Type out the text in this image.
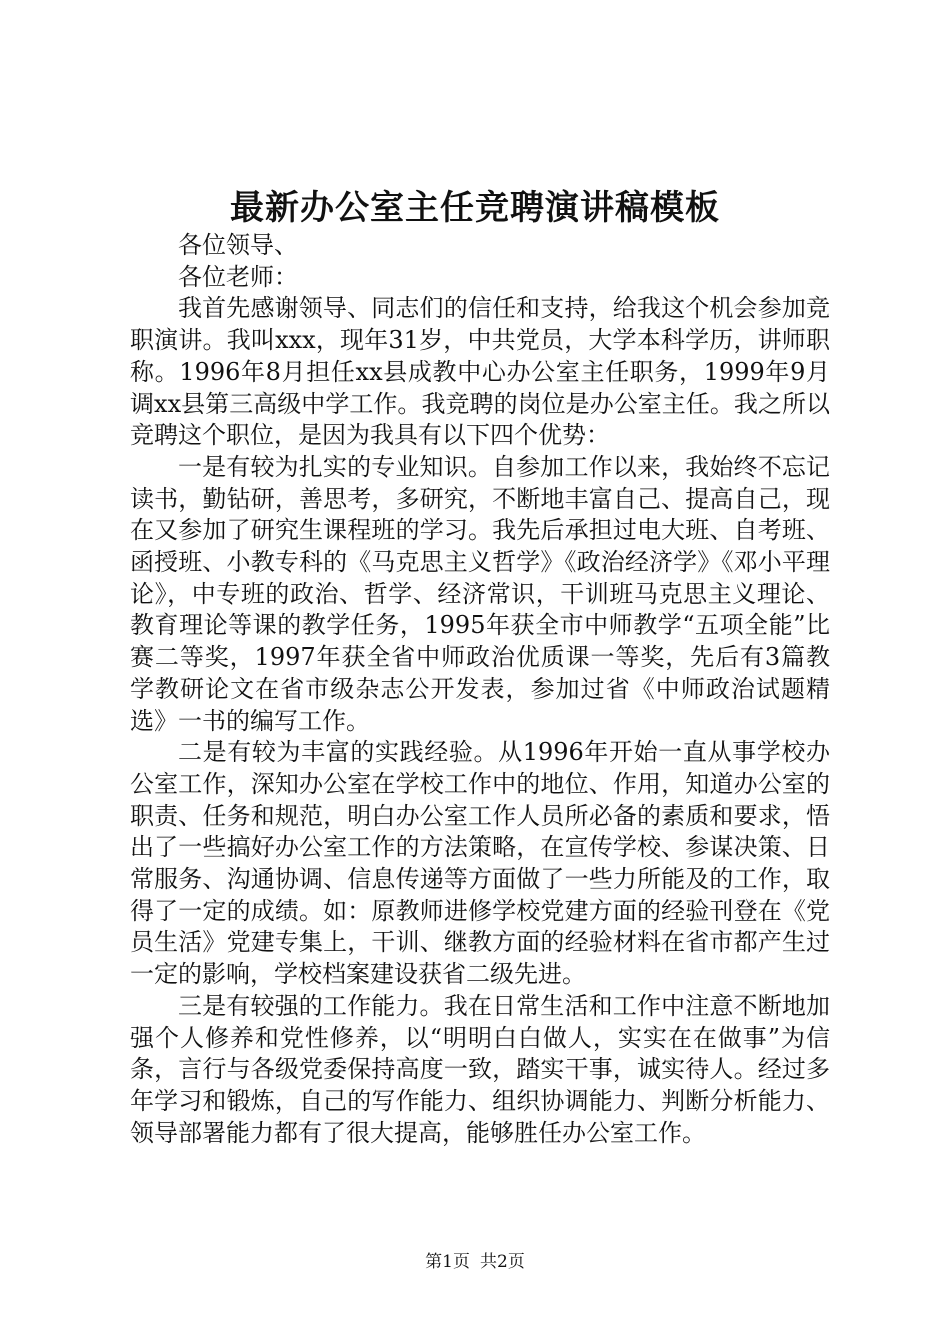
最新办公室主任竞聘演讲稿模板

各位领导、

各位老师：

我首先感谢领导、同志们的信任和支持，给我这个机会参加竞职演讲。我叫xxx，现年31岁，中共党员，大学本科学历，讲师职称。1996年8月担任xx县成教中心办公室主任职务，1999年9月调xx县第三高级中学工作。我竞聘的岗位是办公室主任。我之所以竞聘这个职位，是因为我具有以下四个优势：

一是有较为扎实的专业知识。自参加工作以来，我始终不忘记读书，勤钻研，善思考，多研究，不断地丰富自己、提高自己，现在又参加了研究生课程班的学习。我先后承担过电大班、自考班、函授班、小教专科的《马克思主义哲学》《政治经济学》《邓小平理论》，中专班的政治、哲学、经济常识，干训班马克思主义理论、教育理论等课的教学任务，1995年获全市中师教学“五项全能”比赛二等奖，1997年获全省中师政治优质课一等奖，先后有3篇教学教研论文在省市级杂志公开发表，参加过省《中师政治试题精选》一书的编写工作。

二是有较为丰富的实践经验。从1996年开始一直从事学校办公室工作，深知办公室在学校工作中的地位、作用，知道办公室的职责、任务和规范，明白办公室工作人员所必备的素质和要求，悟出了一些搞好办公室工作的方法策略，在宣传学校、参谋决策、日常服务、沟通协调、信息传递等方面做了一些力所能及的工作，取得了一定的成绩。如：原教师进修学校党建方面的经验刊登在《党员生活》党建专集上，干训、继教方面的经验材料在省市都产生过一定的影响，学校档案建设获省二级先进。

三是有较强的工作能力。我在日常生活和工作中注意不断地加强个人修养和党性修养，以“明明白白做人，实实在在做事”为信条，言行与各级党委保持高度一致，踏实干事，诚实待人。经过多年学习和锻炼，自己的写作能力、组织协调能力、判断分析能力、领导部署能力都有了很大提高，能够胜任办公室工作。

第1页 共2页
